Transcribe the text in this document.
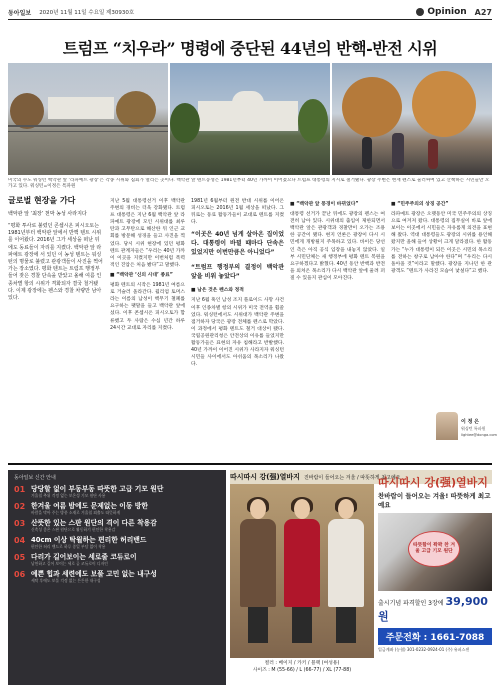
동아일보 2020년 11월 11일 수요일 제30930호	Opinion A27
트럼프 “치우라” 명령에 중단된 44년의 반핵-반전 시위
미국의 수도 워싱턴 백악관 앞 ‘라파예트 광장’은 각종 시위와 집회가 열리는 곳이다. 백악관 앞 텐트농성은 1981년부터 40년 가까이 이어졌으나 트럼프 대통령의 지시로 철거됐다. 광장 주변은 현재 펜스로 둘러싸여 있고 산책하는 시민들만 오가고 있다. 워싱턴=이정은 특파원
글로벌 현장을 가다
백악관 앞 ‘최장’ 천막 농성 사라지다
“평화 투사로 불렸던 콘셉시온 피시오토는 1981년부터 백악관 앞에서 반핵 텐트 시위를 이어왔다. 2016년 그가 세상을 떠난 뒤에도 동료들이 자리를 지켰다. 백악관 앞 라파예트 광장에 서 있던 이 농성 텐트는 워싱턴의 명물로 불렸고 관광객들이 사진을 찍어가는 장소였다. 평화 텐트는 트럼프 행정부 들어 잦은 경찰 단속을 받았고 올해 여름 인종차별 항의 시위가 격화되자 결국 철거됐다. 이제 광장에는 펜스와 경찰 차량만 남아 있다.
지난 5월 대통령선거 이후 백악관 주변의 경비는 더욱 강화됐다. 트럼프 대통령은 지난 6월 백악관 앞 라파예트 광장에 모인 시위대를 최루탄과 고무탄으로 해산한 뒤 인근 교회를 방문해 성경을 들고 사진을 찍었다. 당시 시위 현장에 있던 평화 텐트 관계자들은 “우리는 40년 가까이 이곳을 지켰지만 이번처럼 폭력적인 진압은 처음 봤다”고 말했다.
■ “백악관 ‘신의 시대’ 종료”
평화 텐트의 시작은 1981년 여름으로 거슬러 올라간다. 윌리엄 토머스라는 이름의 남성이 핵무기 철폐를 요구하는 팻말을 들고 백악관 앞에 섰다. 이후 콘셉시온 피시오토가 합류했고 두 사람은 수십 년간 하루 24시간 교대로 자리를 지켰다.
1981년 6월부터 원전 반대 시위를 이어온 피시오토는 2016년 1월 세상을 떠났다. 그 뒤로는 동료 활동가들이 교대로 텐트를 지켰다.
“이곳은 40년 넘게 살아온 집이었다. 대통령이 바뀔 때마다 단속은 있었지만 이번만큼은 아니었다”
“트럼프 행정부의 결정이 백악관 앞을 비워 놓았다”
■ 남은 것은 펜스와 정적
지난 6월 흑인 남성 조지 플로이드 사망 사건 이후 인종차별 항의 시위가 미국 전역을 휩쓸었다. 워싱턴에서도 시위대가 백악관 주변을 점거하자 당국은 광장 전체를 펜스로 막았다. 이 과정에서 평화 텐트도 철거 대상이 됐다. 국립공원관리청은 안전상의 이유를 들었지만 활동가들은 표현의 자유 침해라고 반발했다. 40년 가까이 이어진 시위가 사라지자 워싱턴 시민들 사이에서도 아쉬움의 목소리가 나왔다.
■ “백악관 앞 풍경이 바뀌었다”
대통령 선거가 끝난 뒤에도 광장의 펜스는 여전히 남아 있다. 시위대의 출입이 제한되면서 백악관 앞은 관광객과 경찰만이 오가는 조용한 공간이 됐다. 현지 언론은 광장이 다시 시민에게 개방될지 주목하고 있다. 바이든 당선인 측은 아직 공식 입장을 내놓지 않았다. 일부 시민단체는 새 행정부에 평화 텐트 복원을 요구하겠다고 밝혔다. 40년 동안 반핵과 반전을 외쳐온 목소리가 다시 백악관 앞에 울려 퍼질 수 있을지 관심이 모아진다.
■ “민주주의의 상징 공간”
라파예트 광장은 오랫동안 미국 민주주의의 상징으로 여겨져 왔다. 대통령의 집무실이 바로 앞에 보이는 이곳에서 시민들은 자유롭게 의견을 표현해 왔다. 역대 대통령들도 광장의 시위를 용인해 왔지만 올해 들어 상황이 크게 달라졌다. 한 활동가는 “누가 대통령이 되든 이곳은 시민의 목소리를 전하는 창구로 남아야 한다”며 “우리는 다시 돌아올 것”이라고 말했다. 광장을 지나던 한 관광객도 “텐트가 사라진 모습이 낯설다”고 했다.
이 정 은
워싱턴 특파원
lightee@donga.com
동아일보 신간 안내
01 당당할 없이 부동부동 따뜻한 고급 기모 원단
겨울철 추위 걱정 없는 보온성 기모 원단 사용
02 한겨울 여름 밤에도 문제없는 이동 방한
바람을 막아 주는 방풍 소재로 겨울철 외출도 따뜻하게
03 산뜻한 있는 스판 원단의 격이 다른 착용감
신축성 좋은 스판 원단으로 활동하기 편안한 착용감
04 40cm 이상 탁월하는 편리한 허리밴드
편안한 허리 밴드로 하루 종일 부담 없이 착용
05 다리가 길어보이는 세로줄 코듀로이
날씬하고 길어 보이는 세로 골 코듀로이 디자인
06 예쁜 힙과 세련에도 보풀 고민 없는 내구성
세탁 후에도 보풀 걱정 없는 튼튼한 내구성
따시따시 강(强)열바지 진바람이 들어오는 겨울 / 따뜻하게 최고예요
컬러 : 베이지 / 카키 / 블랙 (여성용)
사이즈 : M (55-66) / L (66-77) / XL (77-88)
따시따시 강(强)열바지
찬바람이 들어오는 겨울! 따뜻하게 최고예요
따뜻함이 꽉꽉 찬 겨울 고급 기모 원단
출시기념 파격할인 3장에 39,900원
주문전화 : 1661-7088
입금계좌 (농협) 301-0232-0924-01 (주) 유퍼스센
